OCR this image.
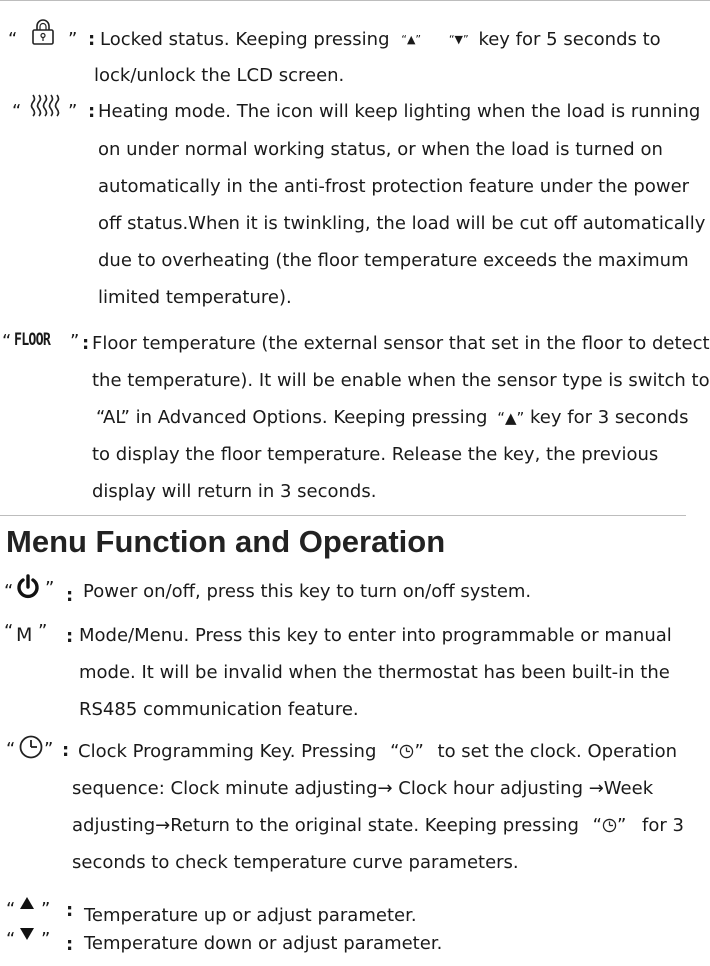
“	” : Locked status. Keeping pressing “▲”	“▼” key for 5 seconds to
lock/unlock the LCD screen.
“	” : Heating mode. The icon will keep lighting when the load is running
on under normal working status, or when the load is turned on
automatically in the anti-frost protection feature under the power
off status.When it is twinkling, the load will be cut off automatically
due to overheating (the floor temperature exceeds the maximum
limited temperature).
“ FLOOR ” : Floor temperature (the external sensor that set in the floor to detect
the temperature). It will be enable when the sensor type is switch to
“AL” in Advanced Options. Keeping pressing “▲” key for 3 seconds
to display the floor temperature. Release the key, the previous
display will return in 3 seconds.
Menu Function and Operation
“ ” : Power on/off, press this key to turn on/off system.
“ M ” : Mode/Menu. Press this key to enter into programmable or manual
mode. It will be invalid when the thermostat has been built-in the
RS485 communication feature.
“ ” : Clock Programming Key. Pressing “ ” to set the clock. Operation
sequence: Clock minute adjusting→ Clock hour adjusting →Week
adjusting→Return to the original state. Keeping pressing “ ” for 3
seconds to check temperature curve parameters.
“ ” : Temperature up or adjust parameter.
“ ” : Temperature down or adjust parameter.
